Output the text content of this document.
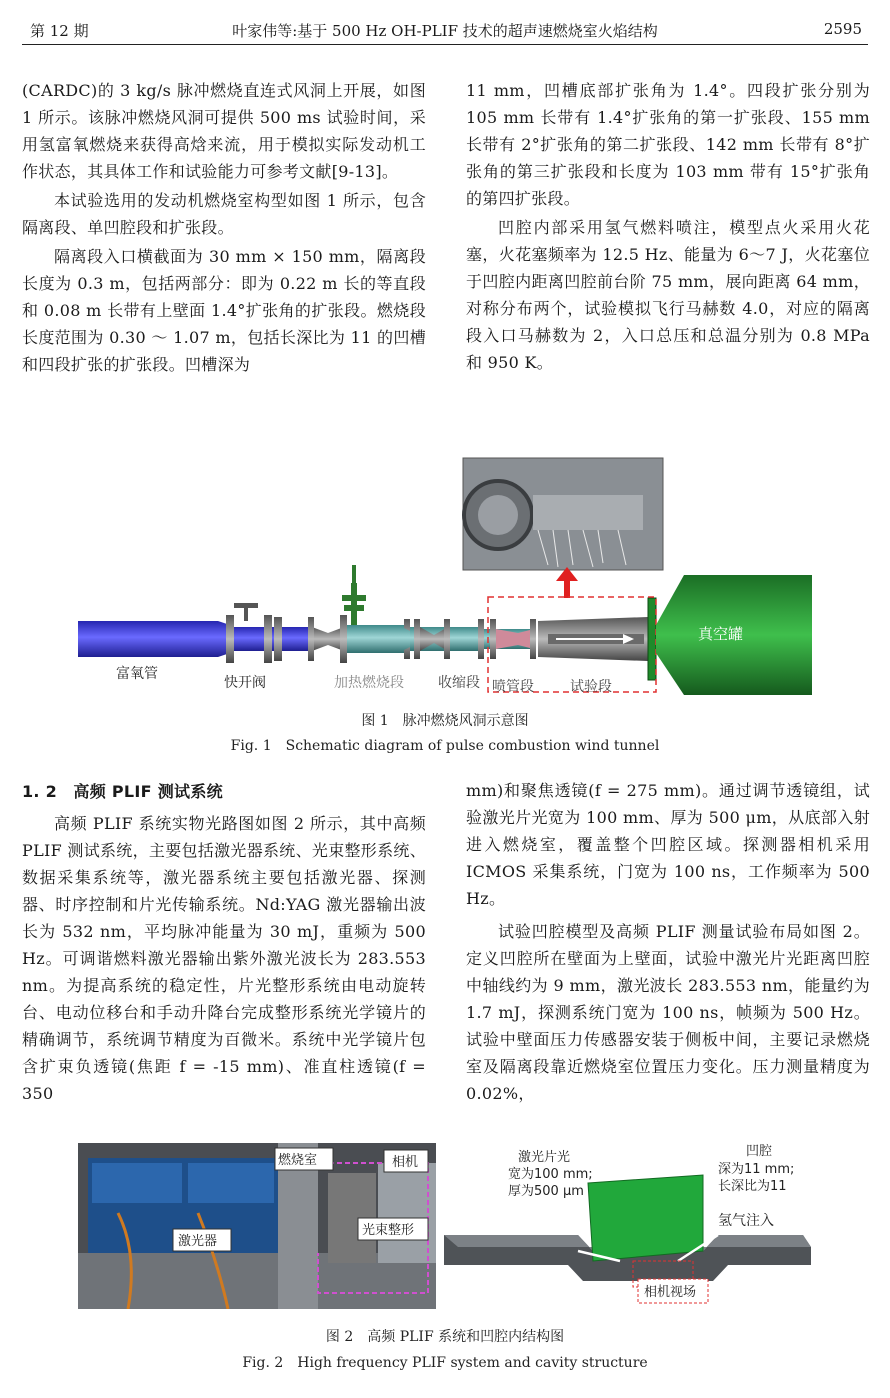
第 12 期	叶家伟等:基于 500 Hz OH-PLIF 技术的超声速燃烧室火焰结构	2595

(CARDC)的 3 kg/s 脉冲燃烧直连式风洞上开展，如图 1 所示。该脉冲燃烧风洞可提供 500 ms 试验时间，采用氢富氧燃烧来获得高焓来流，用于模拟实际发动机工作状态，其具体工作和试验能力可参考文献[9-13]。

本试验选用的发动机燃烧室构型如图 1 所示，包含隔离段、单凹腔段和扩张段。

隔离段入口横截面为 30 mm × 150 mm，隔离段长度为 0.3 m，包括两部分：即为 0.22 m 长的等直段和 0.08 m 长带有上壁面 1.4°扩张角的扩张段。燃烧段长度范围为 0.30 ～ 1.07 m，包括长深比为 11 的凹槽和四段扩张的扩张段。凹槽深为

11 mm，凹槽底部扩张角为 1.4°。四段扩张分别为 105 mm 长带有 1.4°扩张角的第一扩张段、155 mm 长带有 2°扩张角的第二扩张段、142 mm 长带有 8°扩张角的第三扩张段和长度为 103 mm 带有 15°扩张角的第四扩张段。

凹腔内部采用氢气燃料喷注，模型点火采用火花塞，火花塞频率为 12.5 Hz、能量为 6～7 J，火花塞位于凹腔内距离凹腔前台阶 75 mm，展向距离 64 mm，对称分布两个，试验模拟飞行马赫数 4.0，对应的隔离段入口马赫数为 2，入口总压和总温分别为 0.8 MPa 和 950 K。

富氧管
快开阀	加热燃烧段 收缩段 喷管段	试验段
真空罐
图 1　脉冲燃烧风洞示意图
Fig. 1　Schematic diagram of pulse combustion wind tunnel

1. 2　高频 PLIF 测试系统

高频 PLIF 系统实物光路图如图 2 所示，其中高频 PLIF 测试系统，主要包括激光器系统、光束整形系统、数据采集系统等，激光器系统主要包括激光器、探测器、时序控制和片光传输系统。Nd:YAG 激光器输出波长为 532 nm，平均脉冲能量为 30 mJ，重频为 500 Hz。可调谐燃料激光器输出紫外激光波长为 283.553 nm。为提高系统的稳定性，片光整形系统由电动旋转台、电动位移台和手动升降台完成整形系统光学镜片的精确调节，系统调节精度为百微米。系统中光学镜片包含扩束负透镜(焦距 f = -15 mm)、准直柱透镜(f = 350

mm)和聚焦透镜(f = 275 mm)。通过调节透镜组，试验激光片光宽为 100 mm、厚为 500 μm，从底部入射进入燃烧室，覆盖整个凹腔区域。探测器相机采用 ICMOS 采集系统，门宽为 100 ns，工作频率为 500 Hz。

试验凹腔模型及高频 PLIF 测量试验布局如图 2。定义凹腔所在壁面为上壁面，试验中激光片光距离凹腔中轴线约为 9 mm，激光波长 283.553 nm，能量约为 1.7 mJ，探测系统门宽为 100 ns，帧频为 500 Hz。试验中壁面压力传感器安装于侧板中间，主要记录燃烧室及隔离段靠近燃烧室位置压力变化。压力测量精度为 0.02%，

燃烧室	相机
激光器
光束整形
激光片光
宽为100 mm;
厚为500 μm
凹腔
深为11 mm;
长深比为11
点火位置	氢气注入
相机视场
图 2　高频 PLIF 系统和凹腔内结构图
Fig. 2　High frequency PLIF system and cavity structure
